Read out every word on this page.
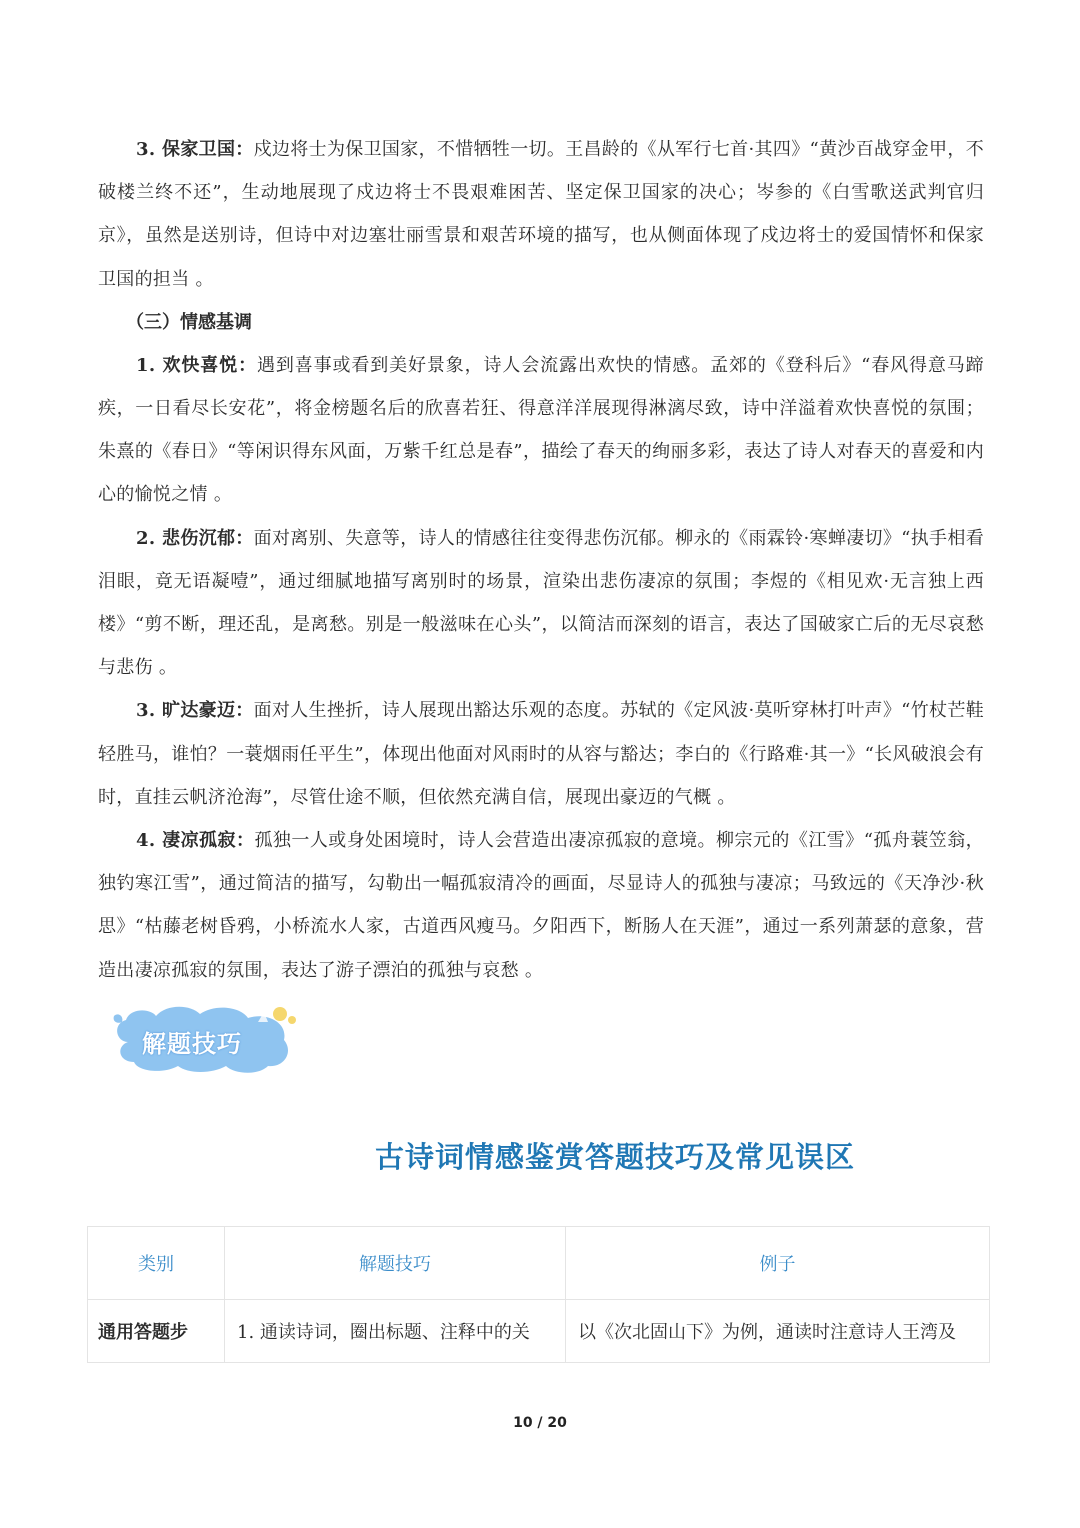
3. 保家卫国：戍边将士为保卫国家，不惜牺牲一切。王昌龄的《从军行七首·其四》“黄沙百战穿金甲，不破楼兰终不还”，生动地展现了戍边将士不畏艰难困苦、坚定保卫国家的决心；岑参的《白雪歌送武判官归京》，虽然是送别诗，但诗中对边塞壮丽雪景和艰苦环境的描写，也从侧面体现了戍边将士的爱国情怀和保家卫国的担当 。

（三）情感基调

1. 欢快喜悦：遇到喜事或看到美好景象，诗人会流露出欢快的情感。孟郊的《登科后》“春风得意马蹄疾，一日看尽长安花”，将金榜题名后的欣喜若狂、得意洋洋展现得淋漓尽致，诗中洋溢着欢快喜悦的氛围；朱熹的《春日》“等闲识得东风面，万紫千红总是春”，描绘了春天的绚丽多彩，表达了诗人对春天的喜爱和内心的愉悦之情 。

2. 悲伤沉郁：面对离别、失意等，诗人的情感往往变得悲伤沉郁。柳永的《雨霖铃·寒蝉凄切》“执手相看泪眼，竟无语凝噎”，通过细腻地描写离别时的场景，渲染出悲伤凄凉的氛围；李煜的《相见欢·无言独上西楼》“剪不断，理还乱，是离愁。别是一般滋味在心头”，以简洁而深刻的语言，表达了国破家亡后的无尽哀愁与悲伤 。

3. 旷达豪迈：面对人生挫折，诗人展现出豁达乐观的态度。苏轼的《定风波·莫听穿林打叶声》“竹杖芒鞋轻胜马，谁怕？一蓑烟雨任平生”，体现出他面对风雨时的从容与豁达；李白的《行路难·其一》“长风破浪会有时，直挂云帆济沧海”，尽管仕途不顺，但依然充满自信，展现出豪迈的气概 。

4. 凄凉孤寂：孤独一人或身处困境时，诗人会营造出凄凉孤寂的意境。柳宗元的《江雪》“孤舟蓑笠翁，独钓寒江雪”，通过简洁的描写，勾勒出一幅孤寂清冷的画面，尽显诗人的孤独与凄凉；马致远的《天净沙·秋思》“枯藤老树昏鸦，小桥流水人家，古道西风瘦马。夕阳西下，断肠人在天涯”，通过一系列萧瑟的意象，营造出凄凉孤寂的氛围，表达了游子漂泊的孤独与哀愁 。

解题技巧
古诗词情感鉴赏答题技巧及常见误区
类别	解题技巧	例子
通用答题步	1. 通读诗词，圈出标题、注释中的关	以《次北固山下》为例，通读时注意诗人王湾及
10 / 20
